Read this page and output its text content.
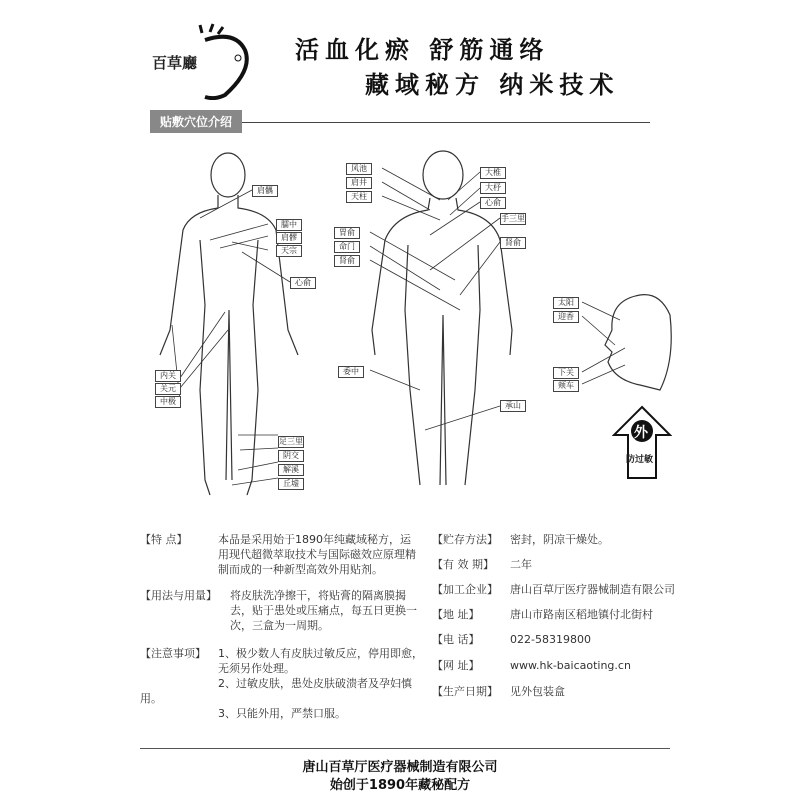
百草廳	活血化瘀 舒筋通络
藏域秘方 纳米技术
贴敷穴位介绍
肩髃
臑中
肩髎
天宗
心俞
内关
关元
中极
足三里
阴交
解溪
丘墟
风池
肩井
天柱
胃俞
命门
肾俞
委中
大椎
大杼
心俞
手三里
肾俞
承山
太阳
迎香
下关
颊车
外
防过敏
【特 点】	本品是采用始于1890年纯藏域秘方，运
用现代超微萃取技术与国际磁效应原理精
制而成的一种新型高效外用贴剂。
【用法与用量】 将皮肤洗净擦干，将贴膏的隔离膜揭
去，贴于患处或压痛点，每五日更换一
次，三盒为一周期。
【注意事项】 1、极少数人有皮肤过敏反应，停用即愈，
无须另作处理。
2、过敏皮肤，患处皮肤破溃者及孕妇慎用。
3、只能外用，严禁口服。
【贮存方法】 密封，阴凉干燥处。
【有 效 期】 二年
【加工企业】 唐山百草厅医疗器械制造有限公司
【地 址】	唐山市路南区稻地镇付北街村
【电 话】	022-58319800
【网 址】	www.hk-baicaoting.cn
【生产日期】 见外包装盒
唐山百草厅医疗器械制造有限公司
始创于1890年藏秘配方
